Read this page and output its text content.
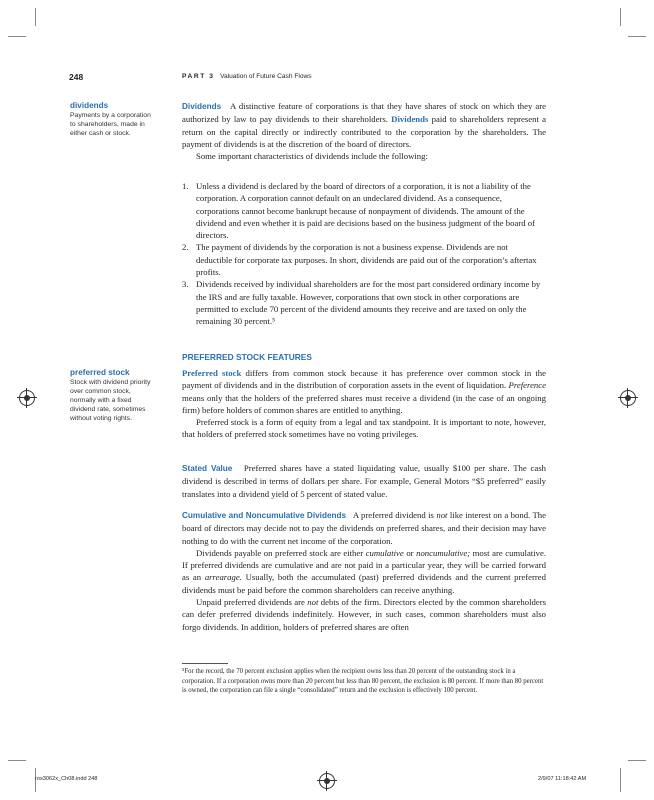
248	PART 3 Valuation of Future Cash Flows
dividends
Payments by a corporation to shareholders, made in either cash or stock.
preferred stock
Stock with dividend priority over common stock, normally with a fixed dividend rate, sometimes without voting rights.

Dividends A distinctive feature of corporations is that they have shares of stock on which they are authorized by law to pay dividends to their shareholders. Dividends paid to shareholders represent a return on the capital directly or indirectly contributed to the corporation by the shareholders. The payment of dividends is at the discretion of the board of directors.

Some important characteristics of dividends include the following:

1. Unless a dividend is declared by the board of directors of a corporation, it is not a liability of the corporation. A corporation cannot default on an undeclared dividend. As a consequence, corporations cannot become bankrupt because of nonpayment of dividends. The amount of the dividend and even whether it is paid are decisions based on the business judgment of the board of directors.
2. The payment of dividends by the corporation is not a business expense. Dividends are not deductible for corporate tax purposes. In short, dividends are paid out of the corporation’s aftertax profits.
3. Dividends received by individual shareholders are for the most part considered ordinary income by the IRS and are fully taxable. However, corporations that own stock in other corporations are permitted to exclude 70 percent of the dividend amounts they receive and are taxed on only the remaining 30 percent.⁵
PREFERRED STOCK FEATURES

Preferred stock differs from common stock because it has preference over common stock in the payment of dividends and in the distribution of corporation assets in the event of liquidation. Preference means only that the holders of the preferred shares must receive a dividend (in the case of an ongoing firm) before holders of common shares are entitled to anything.

Preferred stock is a form of equity from a legal and tax standpoint. It is important to note, however, that holders of preferred stock sometimes have no voting privileges.

Stated Value Preferred shares have a stated liquidating value, usually $100 per share. The cash dividend is described in terms of dollars per share. For example, General Motors “$5 preferred” easily translates into a dividend yield of 5 percent of stated value.

Cumulative and Noncumulative Dividends A preferred dividend is not like interest on a bond. The board of directors may decide not to pay the dividends on preferred shares, and their decision may have nothing to do with the current net income of the corporation.

Dividends payable on preferred stock are either cumulative or noncumulative; most are cumulative. If preferred dividends are cumulative and are not paid in a particular year, they will be carried forward as an arrearage. Usually, both the accumulated (past) preferred dividends and the current preferred dividends must be paid before the common shareholders can receive anything.

Unpaid preferred dividends are not debts of the firm. Directors elected by the common shareholders can defer preferred dividends indefinitely. However, in such cases, common shareholders must also forgo dividends. In addition, holders of preferred shares are often

⁵For the record, the 70 percent exclusion applies when the recipient owns less than 20 percent of the outstanding stock in a corporation. If a corporation owns more than 20 percent but less than 80 percent, the exclusion is 80 percent. If more than 80 percent is owned, the corporation can file a single “consolidated” return and the exclusion is effectively 100 percent.
ros3062x_Ch08.indd 248	2/9/07 11:18:42 AM
